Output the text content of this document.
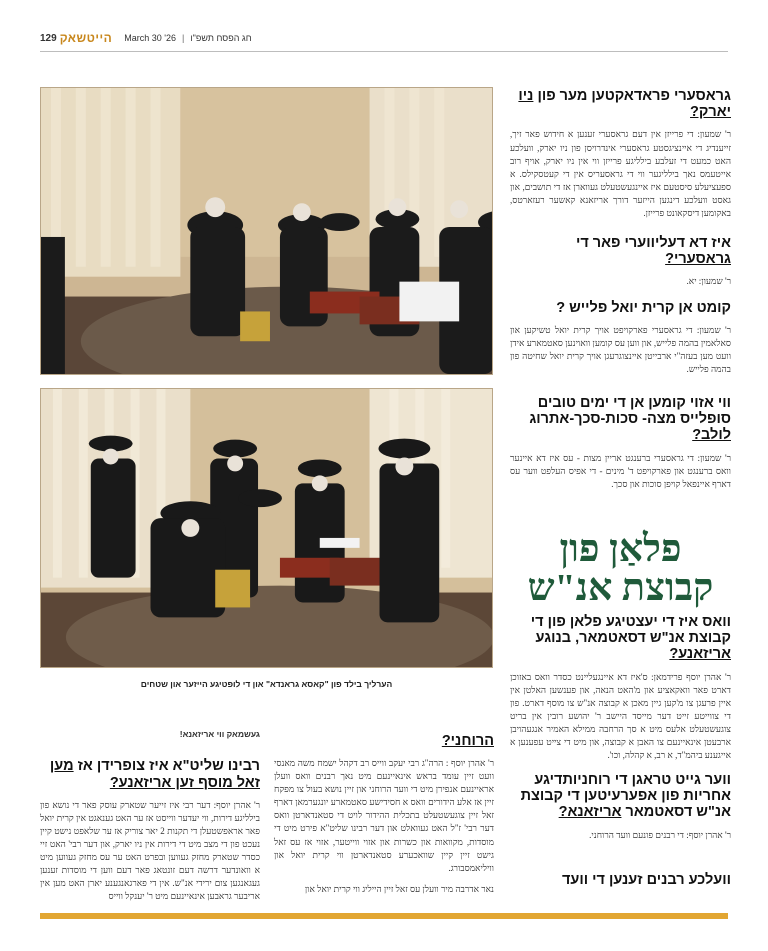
129 הייטשאק March 30 '26 | חג הפסח תשפ"ו
הערליך בילד פון "קאסא גראנדא" און די לופטיגע הייזער און שטחים
גראסערי פראדאקטען מער פון ניו יארק?
ר' שמעון: די פרייזן אין דעם גראסערי זענען א חידוש פאר זיך, זייענדיג די איינציגסטע גראסערי אינדרויסן פון ניו יארק, וועלכע האט כמעט די זעלבע בילליגע פרייזן ווי אין ניו יארק, אויף רוב אייטעמס נאך בילליגער ווי די גראסעריס אין די קעטסקילס. א ספעציעלע סיסטעם איז איינגעשטעלט געווארן אז די תושבים, און גאסט וועלכע דינגען הייזער דורך אריזאנא קאשער רעזארטס, באקומען דיסקאונט פרייזן.
איז דא דעליווערי פאר די גראסערי?
ר' שמעון: יא.
קומט אן קרית יואל פלייש ?
ר' שמעון: די גראסערי פארקויפט אויך קרית יואל טשיקען און סאלאמין בהמה פלייש, און ווען עס קומען וואוינען סאטמארע אידן וועט מען בעזה"י ארבייטן איינצוגרעגן אויך קרית יואל שחיטה פון בהמה פלייש.
ווי אזוי קומען אן די ימים טובים סופלייס מצה- סכות-סכך-אתרוג לולב?
ר' שמעון: די גראסערי ברענגט אריין מצות - עס איז דא איינער וואס ברענגט און פארקויפט ד' מינים - די אפיס העלפט ווער עס דארף איינפאל קויפן סוכות און סכך.
פלאַן פון
קבוצת אנ"ש
וואס איז די יעצטיגע פלאן פון די קבוצת אנ"ש דסאטמאר, בנוגע אריזאנע?
ר' אהרן יוסף פרידמאן: ס'איז דא איינגעליינט כסדר וואס באזוכן דארט פאר וואקאציע און מ'האט הנאה, און פענשען האלטן אין איין פרעגן צו מ'קען גיין מאכן א קבוצה אנ"ש צו מוסף דארט. פון די צווייטע זייט דער מייסד היישב ר' יהושע רובין אין בריט צוגעשטעלט אלעס מיט א סך הרחבה ממילא האמיר אנגעהויבן ארבעטן אינאיינעם צו האבן א קבוצה, און מיט די צייט עפענען א אייגענע ביהמ"ד, א רב, א קהלה, וכו'.
ווער גייט טראגן די רוחניותדיגע אחריות פון אפערעיטען די קבוצת אנ"ש דסאטמאר אריזאנא?
ר' אהרן יוסף: די רבנים פונעם וועד הרוחני.
וועלכע רבנים זענען די וועד
הרוחני?
ר' אהרן יוסף : הרה"ג רבי יעקב ווייס רב דקהל ישמח משה מאנסי וועט זיין עומד בראש אינאיינעם מיט נאך רבנים וואס וועלן אראיינעם אנפירן מיט די וועד הרוחני און זיין נושא בעול צו מפקח זיין אז אלע הידורים וואס א חסידישע סאטמארע יונגערמאן דארף זאל זיין צוגעשטעלט בתכלית ההידור לויט די סטאנדארטן וואס דער רבי' ז"ל האט געוואלט און דער רבינו שליט"א פירט מיט די מוסדות, מקוואות און כשרות און אזוי ווייטער, אזוי אז עס זאל גישט זיין קיין שוואכערע סטאנדארטן ווי קרית יואל און וויליאמסבורג.
נאר אדרבה מיר וועלן עס זאל זיין הייליג ווי קרית יואל און
געשמאק ווי אריזאנא!
רבינו שליט"א איז צופרידן אז מען זאל מוסף זען אריזאנע?
ר' אהרן יוסף: דער רבי איז זייער שטארק עוסק פאר די נושא פון בילליגע דירות, ווי יעדער ווייסט אז ער האט גענאגט אין קרית יואל פאר אראפשטעלן די תקנות 2 יאר צוריק אז ער שלאפט נישט קיין נעכט פון די מצב מיט די דירות אין ניו יארק, און דער רבי' האט זיי כסדר שטארק מחזק געווען ובפרט האט ער עס מחזק געווען מיט א וואונדער דרשה דעם זונטאג פאר דעם ווען די מוסדות זענען געגאנגען צום ירידי אנ"ש. אין די פארגאנגענע יארן האט מען אין אריבער גראבען אינאיינעם מיט ר' יענקל ווייס
